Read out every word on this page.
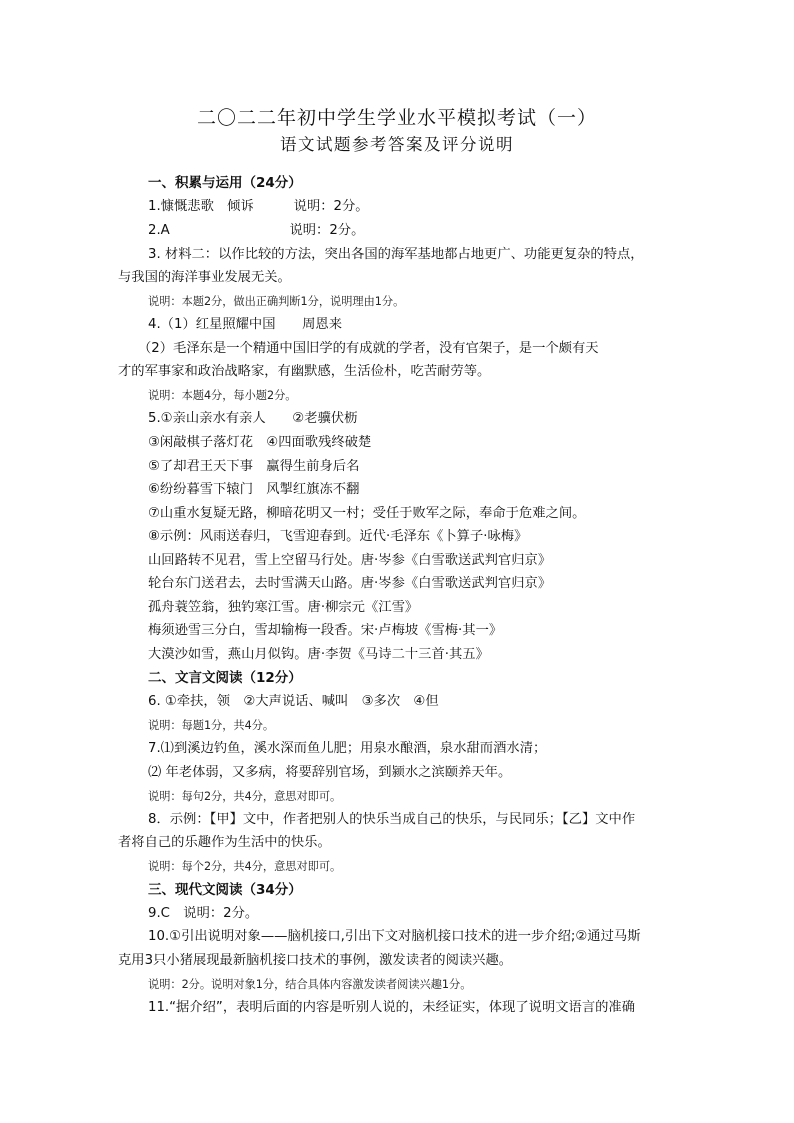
二〇二二年初中学生学业水平模拟考试（一）
语文试题参考答案及评分说明
一、积累与运用（24分）
1.慷慨悲歌　倾诉　　　说明：2分。
2.A　　　　　　　　　说明：2分。
3. 材料二：以作比较的方法，突出各国的海军基地都占地更广、功能更复杂的特点，
与我国的海洋事业发展无关。
说明：本题2分，做出正确判断1分，说明理由1分。
4.（1）红星照耀中国　　周恩来
（2）毛泽东是一个精通中国旧学的有成就的学者，没有官架子，是一个颇有天
才的军事家和政治战略家，有幽默感，生活俭朴，吃苦耐劳等。
说明：本题4分，每小题2分。
5.①亲山亲水有亲人　　②老骥伏枥
③闲敲棋子落灯花　④四面歌残终破楚
⑤了却君王天下事　赢得生前身后名
⑥纷纷暮雪下辕门　风掣红旗冻不翻
⑦山重水复疑无路，柳暗花明又一村；受任于败军之际，奉命于危难之间。
⑧示例：风雨送春归，飞雪迎春到。近代·毛泽东《卜算子·咏梅》
山回路转不见君，雪上空留马行处。唐·岑参《白雪歌送武判官归京》
轮台东门送君去，去时雪满天山路。唐·岑参《白雪歌送武判官归京》
孤舟蓑笠翁，独钓寒江雪。唐·柳宗元《江雪》
梅须逊雪三分白，雪却输梅一段香。宋·卢梅坡《雪梅·其一》
大漠沙如雪，燕山月似钩。唐·李贺《马诗二十三首·其五》
二、文言文阅读（12分）
6. ①牵扶，领　②大声说话、喊叫　③多次　④但
说明：每题1分，共4分。
7.⑴到溪边钓鱼，溪水深而鱼儿肥；用泉水酿酒，泉水甜而酒水清；
⑵ 年老体弱，又多病，将要辞别官场，到颍水之滨颐养天年。
说明：每句2分，共4分，意思对即可。
8．示例：【甲】文中，作者把别人的快乐当成自己的快乐，与民同乐；【乙】文中作
者将自己的乐趣作为生活中的快乐。
说明：每个2分，共4分，意思对即可。
三、现代文阅读（34分）
9.C　说明：2分。
10.①引出说明对象——脑机接口,引出下文对脑机接口技术的进一步介绍;②通过马斯
克用3只小猪展现最新脑机接口技术的事例，激发读者的阅读兴趣。
说明：2分。说明对象1分，结合具体内容激发读者阅读兴趣1分。
11.“据介绍”，表明后面的内容是听别人说的，未经证实，体现了说明文语言的准确
